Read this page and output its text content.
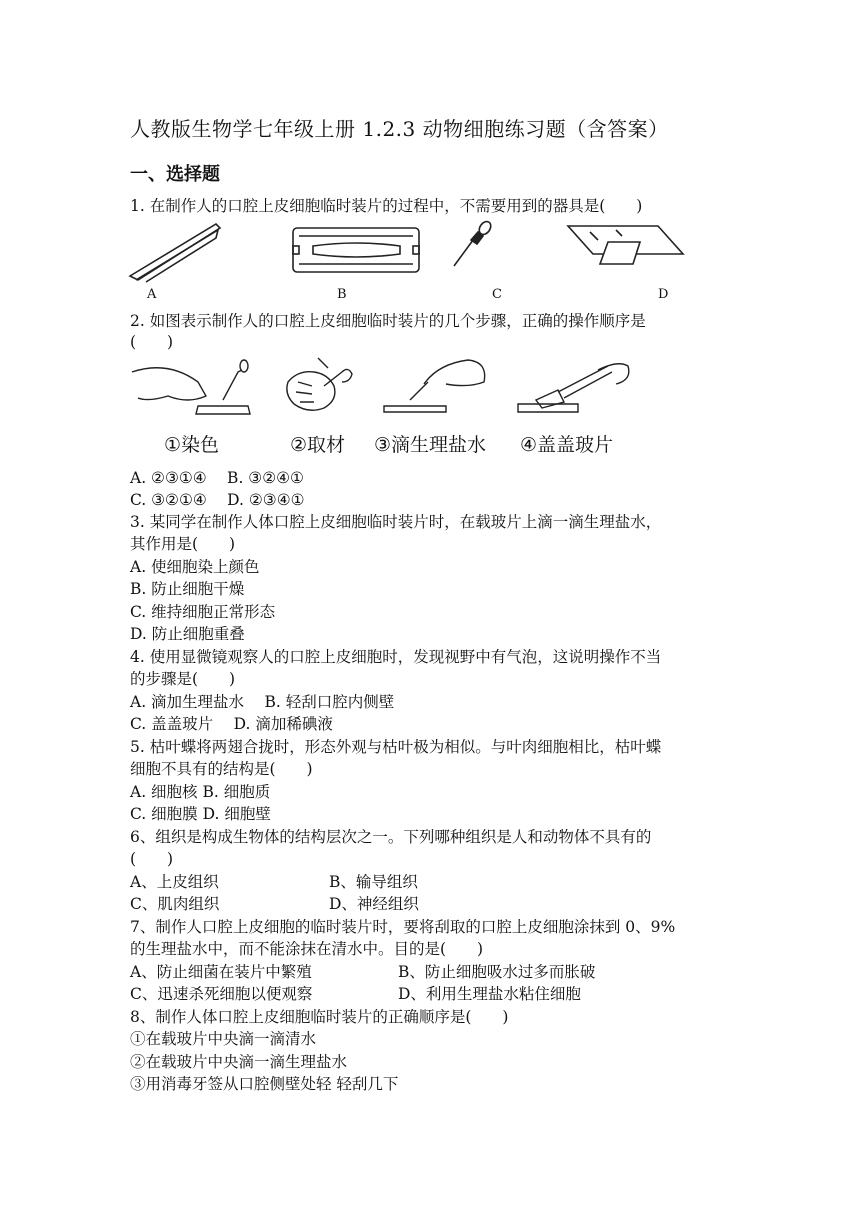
人教版生物学七年级上册 1.2.3 动物细胞练习题（含答案）
一、选择题
1. 在制作人的口腔上皮细胞临时装片的过程中，不需要用到的器具是(　　)
A	B	C	D
2. 如图表示制作人的口腔上皮细胞临时装片的几个步骤，正确的操作顺序是
(　　)
①染色	②取材 ③滴生理盐水 ④盖盖玻片
A. ②③①④　 B. ③②④①
C. ③②①④　 D. ②③④①
3. 某同学在制作人体口腔上皮细胞临时装片时，在载玻片上滴一滴生理盐水，
其作用是(　　)
A. 使细胞染上颜色
B. 防止细胞干燥
C. 维持细胞正常形态
D. 防止细胞重叠
4. 使用显微镜观察人的口腔上皮细胞时，发现视野中有气泡，这说明操作不当
的步骤是(　　)
A. 滴加生理盐水　 B. 轻刮口腔内侧壁
C. 盖盖玻片　 D. 滴加稀碘液
5. 枯叶蝶将两翅合拢时，形态外观与枯叶极为相似。与叶肉细胞相比，枯叶蝶
细胞不具有的结构是(　　)
A. 细胞核 B. 细胞质
C. 细胞膜 D. 细胞壁
6、组织是构成生物体的结构层次之一。下列哪种组织是人和动物体不具有的
(　　)
A、上皮组织	B、输导组织
C、肌肉组织	D、神经组织
7、制作人口腔上皮细胞的临时装片时，要将刮取的口腔上皮细胞涂抹到 0、9%
的生理盐水中，而不能涂抹在清水中。目的是(　　)
A、防止细菌在装片中繁殖	B、防止细胞吸水过多而胀破
C、迅速杀死细胞以便观察	D、利用生理盐水粘住细胞
8、制作人体口腔上皮细胞临时装片的正确顺序是(　　)
①在载玻片中央滴一滴清水
②在载玻片中央滴一滴生理盐水
③用消毒牙签从口腔侧壁处轻 轻刮几下
